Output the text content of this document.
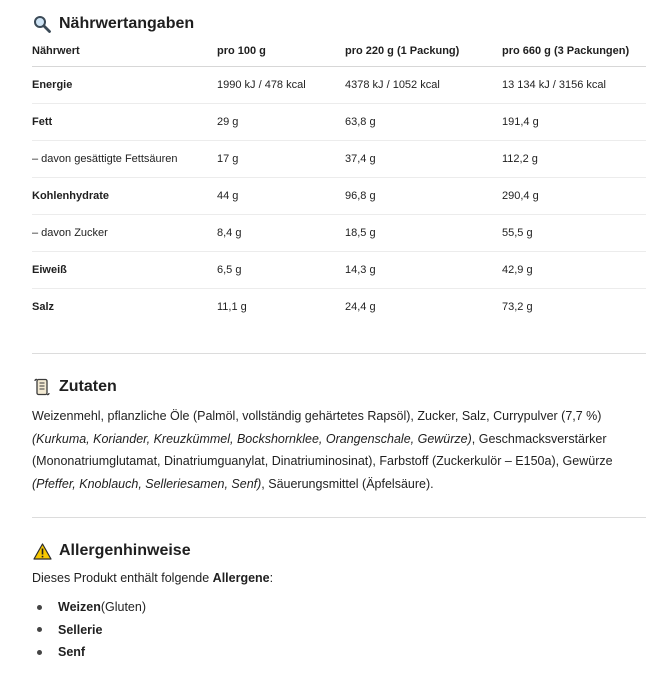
Nährwertangaben
Nährwert	pro 100 g	pro 220 g (1 Packung)	pro 660 g (3 Packungen)
Energie	1990 kJ / 478 kcal	4378 kJ / 1052 kcal	13 134 kJ / 3156 kcal
Fett	29 g	63,8 g	191,4 g
– davon gesättigte Fettsäuren	17 g	37,4 g	112,2 g
Kohlenhydrate	44 g	96,8 g	290,4 g
– davon Zucker	8,4 g	18,5 g	55,5 g
Eiweiß	6,5 g	14,3 g	42,9 g
Salz	11,1 g	24,4 g	73,2 g
Zutaten

Weizenmehl, pflanzliche Öle (Palmöl, vollständig gehärtetes Rapsöl), Zucker, Salz, Currypulver (7,7 %) (Kurkuma, Koriander, Kreuzkümmel, Bockshornklee, Orangenschale, Gewürze), Geschmacksverstärker (Mononatriumglutamat, Dinatriumguanylat, Dinatriuminosinat), Farbstoff (Zuckerkulör – E150a), Gewürze (Pfeffer, Knoblauch, Selleriesamen, Senf), Säuerungsmittel (Äpfelsäure).

Allergenhinweise
Dieses Produkt enthält folgende Allergene:
Weizen (Gluten)
Sellerie
Senf
